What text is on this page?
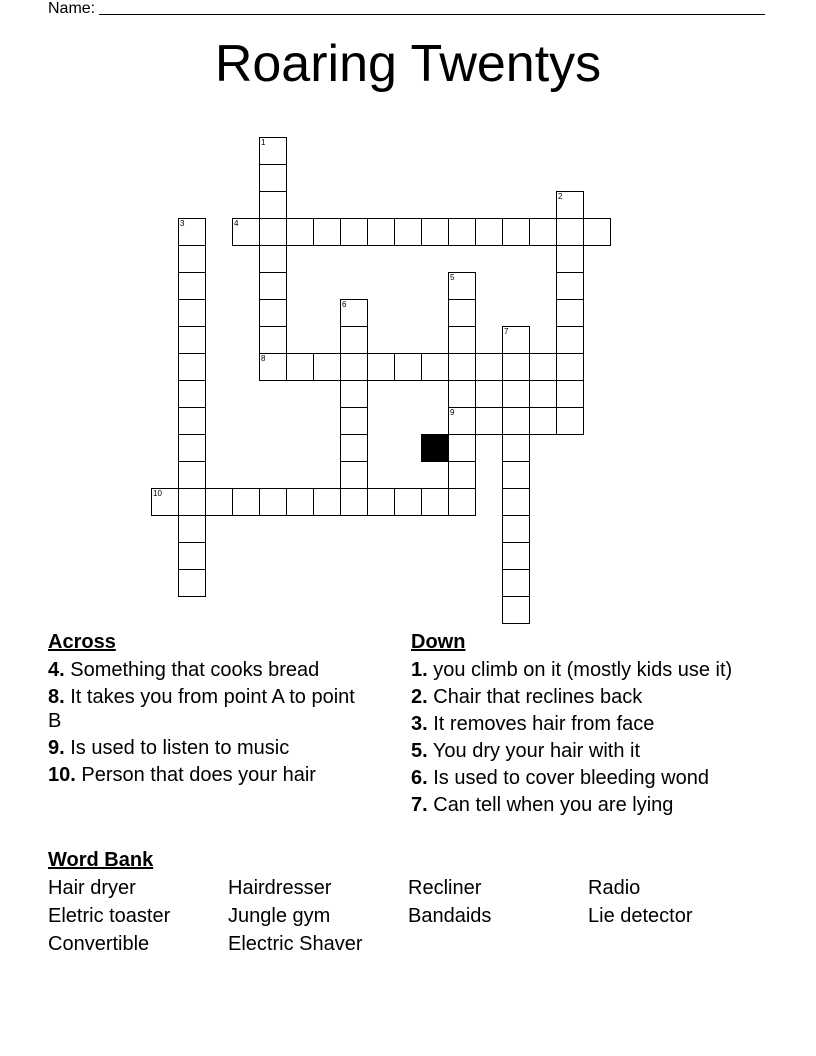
Name:
Roaring Twentys
4
8
9
10
1
2
3
5
6
7
Across
4. Something that cooks bread
8. It takes you from point A to point B
9. Is used to listen to music
10. Person that does your hair
Down
1. you climb on it (mostly kids use it)
2. Chair that reclines back
3. It removes hair from face
5. You dry your hair with it
6. Is used to cover bleeding wond
7. Can tell when you are lying
Word Bank
Hair dryer	Hairdresser	Recliner	Radio
Eletric toaster	Jungle gym	Bandaids	Lie detector
Convertible	Electric Shaver
